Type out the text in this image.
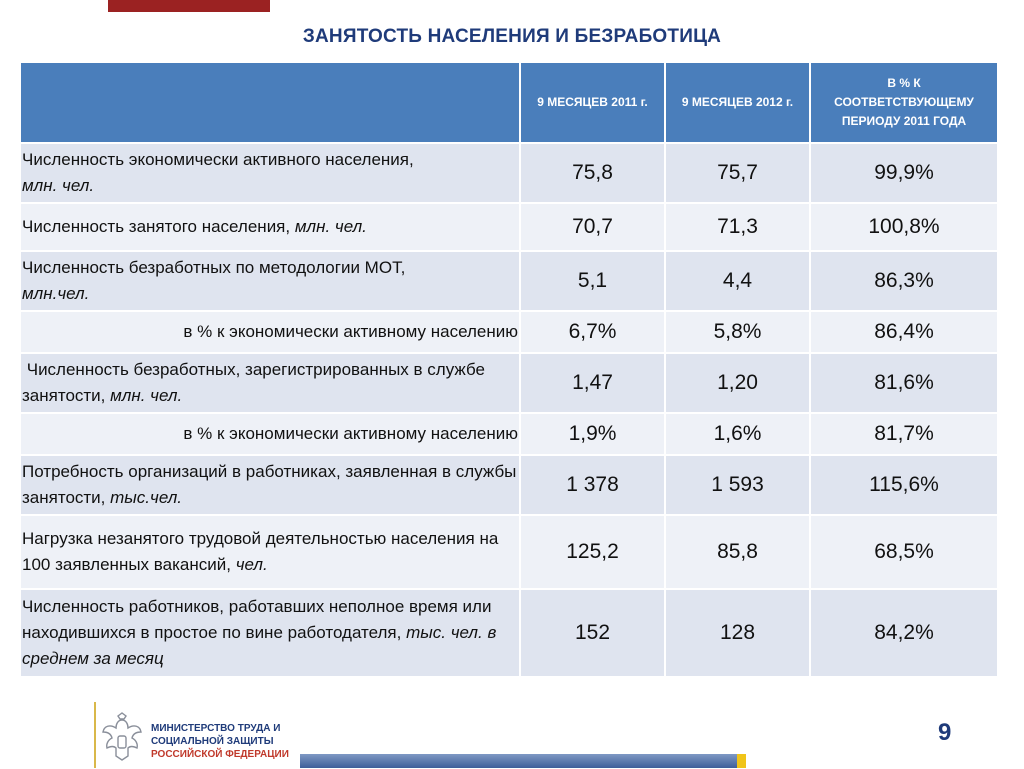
ЗАНЯТОСТЬ НАСЕЛЕНИЯ И БЕЗРАБОТИЦА
	9 МЕСЯЦЕВ 2011 г.	9 МЕСЯЦЕВ 2012 г.	В % К СООТВЕТСТВУЮЩЕМУ ПЕРИОДУ 2011 ГОДА
Численность экономически активного населения,
млн. чел.	75,8	75,7	99,9%
Численность занятого населения, млн. чел.	70,7	71,3	100,8%
Численность безработных по методологии МОТ,
млн.чел.	5,1	4,4	86,3%
в % к экономически активному населению	6,7%	5,8%	86,4%
Численность безработных, зарегистрированных в службе занятости, млн. чел.	1,47	1,20	81,6%
в % к экономически активному населению	1,9%	1,6%	81,7%
Потребность организаций в работниках, заявленная в службы занятости, тыс.чел.	1 378	1 593	115,6%
Нагрузка незанятого трудовой деятельностью населения на 100 заявленных вакансий, чел.	125,2	85,8	68,5%
Численность работников, работавших неполное время или находившихся в простое по вине работодателя, тыс. чел. в среднем за месяц	152	128	84,2%
МИНИСТЕРСТВО ТРУДА И
СОЦИАЛЬНОЙ ЗАЩИТЫ
РОССИЙСКОЙ ФЕДЕРАЦИИ
9
